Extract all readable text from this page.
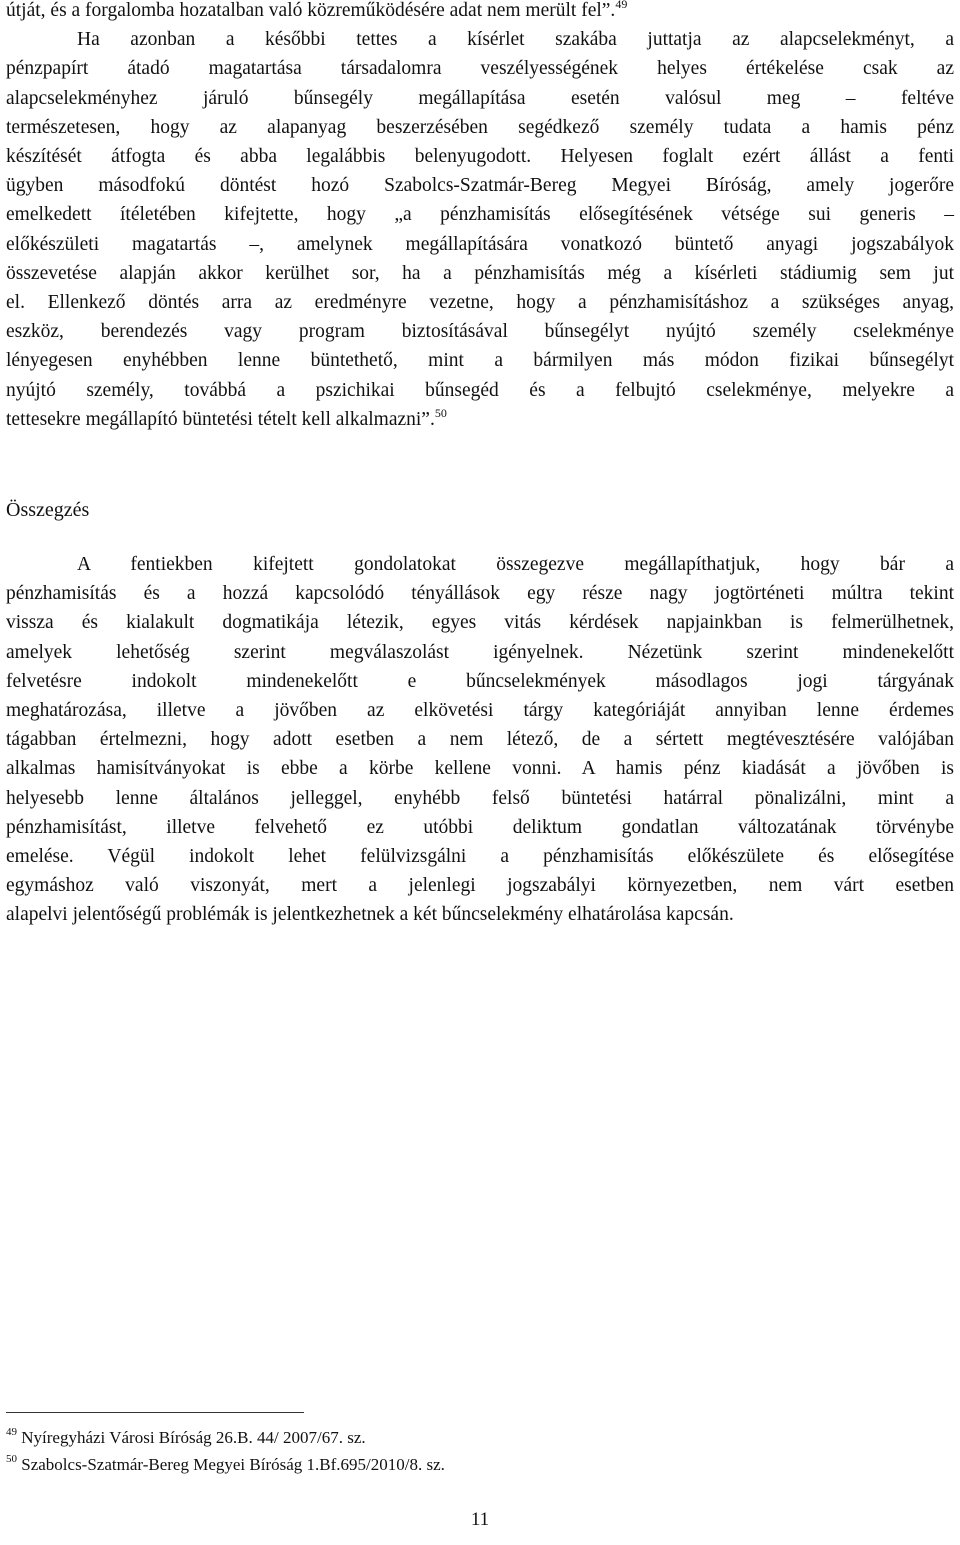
útját, és a forgalomba hozatalban való közreműködésére adat nem merült fel”.$^{49}$
Ha azonban a későbbi tettes a kísérlet szakába juttatja az alapcselekményt, a
pénzpapírt átadó magatartása társadalomra veszélyességének helyes értékelése csak az
alapcselekményhez járuló bűnsegély megállapítása esetén valósul meg – feltéve
természetesen, hogy az alapanyag beszerzésében segédkező személy tudata a hamis pénz
készítését átfogta és abba legalábbis belenyugodott. Helyesen foglalt ezért állást a fenti
ügyben másodfokú döntést hozó Szabolcs-Szatmár-Bereg Megyei Bíróság, amely jogerőre
emelkedett ítéletében kifejtette, hogy „a pénzhamisítás elősegítésének vétsége sui generis –
előkészületi magatartás –, amelynek megállapítására vonatkozó büntető anyagi jogszabályok
összevetése alapján akkor kerülhet sor, ha a pénzhamisítás még a kísérleti stádiumig sem jut
el. Ellenkező döntés arra az eredményre vezetne, hogy a pénzhamisításhoz a szükséges anyag,
eszköz, berendezés vagy program biztosításával bűnsegélyt nyújtó személy cselekménye
lényegesen enyhébben lenne büntethető, mint a bármilyen más módon fizikai bűnsegélyt
nyújtó személy, továbbá a pszichikai bűnsegéd és a felbujtó cselekménye, melyekre a
tettesekre megállapító büntetési tételt kell alkalmazni”.$^{50}$
Összegzés
A fentiekben kifejtett gondolatokat összegezve megállapíthatjuk, hogy bár a
pénzhamisítás és a hozzá kapcsolódó tényállások egy része nagy jogtörténeti múltra tekint
vissza és kialakult dogmatikája létezik, egyes vitás kérdések napjainkban is felmerülhetnek,
amelyek lehetőség szerint megválaszolást igényelnek. Nézetünk szerint mindenekelőtt
felvetésre indokolt mindenekelőtt e bűncselekmények másodlagos jogi tárgyának
meghatározása, illetve a jövőben az elkövetési tárgy kategóriáját annyiban lenne érdemes
tágabban értelmezni, hogy adott esetben a nem létező, de a sértett megtévesztésére valójában
alkalmas hamisítványokat is ebbe a körbe kellene vonni. A hamis pénz kiadását a jövőben is
helyesebb lenne általános jelleggel, enyhébb felső büntetési határral pönalizálni, mint a
pénzhamisítást, illetve felvehető ez utóbbi deliktum gondatlan változatának törvénybe
emelése. Végül indokolt lehet felülvizsgálni a pénzhamisítás előkészülete és elősegítése
egymáshoz való viszonyát, mert a jelenlegi jogszabályi környezetben, nem várt esetben
alapelvi jelentőségű problémák is jelentkezhetnek a két bűncselekmény elhatárolása kapcsán.
$^{49}$ Nyíregyházi Városi Bíróság 26.B. 44/ 2007/67. sz.
$^{50}$ Szabolcs-Szatmár-Bereg Megyei Bíróság 1.Bf.695/2010/8. sz.
11
